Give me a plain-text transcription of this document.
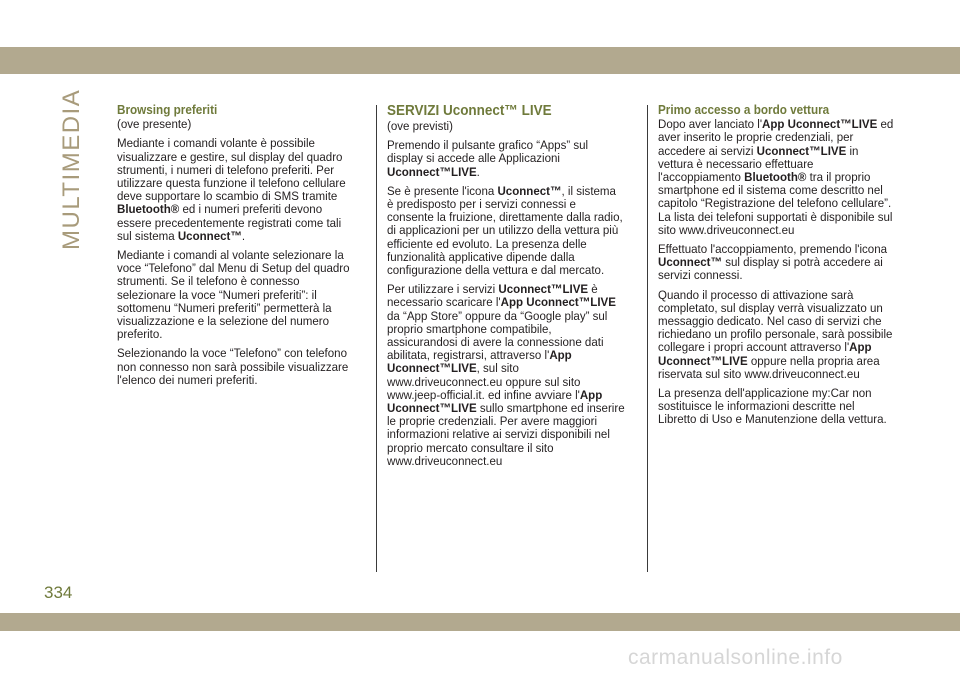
MULTIMEDIA	Browsing preferiti

(ove presente)

Mediante i comandi volante è possibile visualizzare e gestire, sul display del quadro strumenti, i numeri di telefono preferiti. Per utilizzare questa funzione il telefono cellulare deve supportare lo scambio di SMS tramite Bluetooth® ed i numeri preferiti devono essere precedentemente registrati come tali sul sistema Uconnect™.

Mediante i comandi al volante selezionare la voce “Telefono” dal Menu di Setup del quadro strumenti. Se il telefono è connesso selezionare la voce “Numeri preferiti”: il sottomenu “Numeri preferiti” permetterà la visualizzazione e la selezione del numero preferito.

Selezionando la voce “Telefono” con telefono non connesso non sarà possibile visualizzare l'elenco dei numeri preferiti.

SERVIZI Uconnect™ LIVE

(ove previsti)

Premendo il pulsante grafico “Apps” sul display si accede alle Applicazioni Uconnect™LIVE.

Se è presente l'icona Uconnect™, il sistema è predisposto per i servizi connessi e consente la fruizione, direttamente dalla radio, di applicazioni per un utilizzo della vettura più efficiente ed evoluto. La presenza delle funzionalità applicative dipende dalla configurazione della vettura e dal mercato.

Per utilizzare i servizi Uconnect™LIVE è necessario scaricare l'App Uconnect™LIVE da “App Store” oppure da “Google play” sul proprio smartphone compatibile, assicurandosi di avere la connessione dati abilitata, registrarsi, attraverso l'App Uconnect™LIVE, sul sito www.driveuconnect.eu oppure sul sito www.jeep-official.it. ed infine avviare l'App Uconnect™LIVE sullo smartphone ed inserire le proprie credenziali. Per avere maggiori informazioni relative ai servizi disponibili nel proprio mercato consultare il sito www.driveuconnect.eu

Primo accesso a bordo vettura

Dopo aver lanciato l'App Uconnect™LIVE ed aver inserito le proprie credenziali, per accedere ai servizi Uconnect™LIVE in vettura è necessario effettuare l'accoppiamento Bluetooth® tra il proprio smartphone ed il sistema come descritto nel capitolo “Registrazione del telefono cellulare”. La lista dei telefoni supportati è disponibile sul sito www.driveuconnect.eu

Effettuato l'accoppiamento, premendo l'icona Uconnect™ sul display si potrà accedere ai servizi connessi.

Quando il processo di attivazione sarà completato, sul display verrà visualizzato un messaggio dedicato. Nel caso di servizi che richiedano un profilo personale, sarà possibile collegare i propri account attraverso l'App Uconnect™LIVE oppure nella propria area riservata sul sito www.driveuconnect.eu

La presenza dell'applicazione my:Car non sostituisce le informazioni descritte nel Libretto di Uso e Manutenzione della vettura.

334
carmanualsonline.info
